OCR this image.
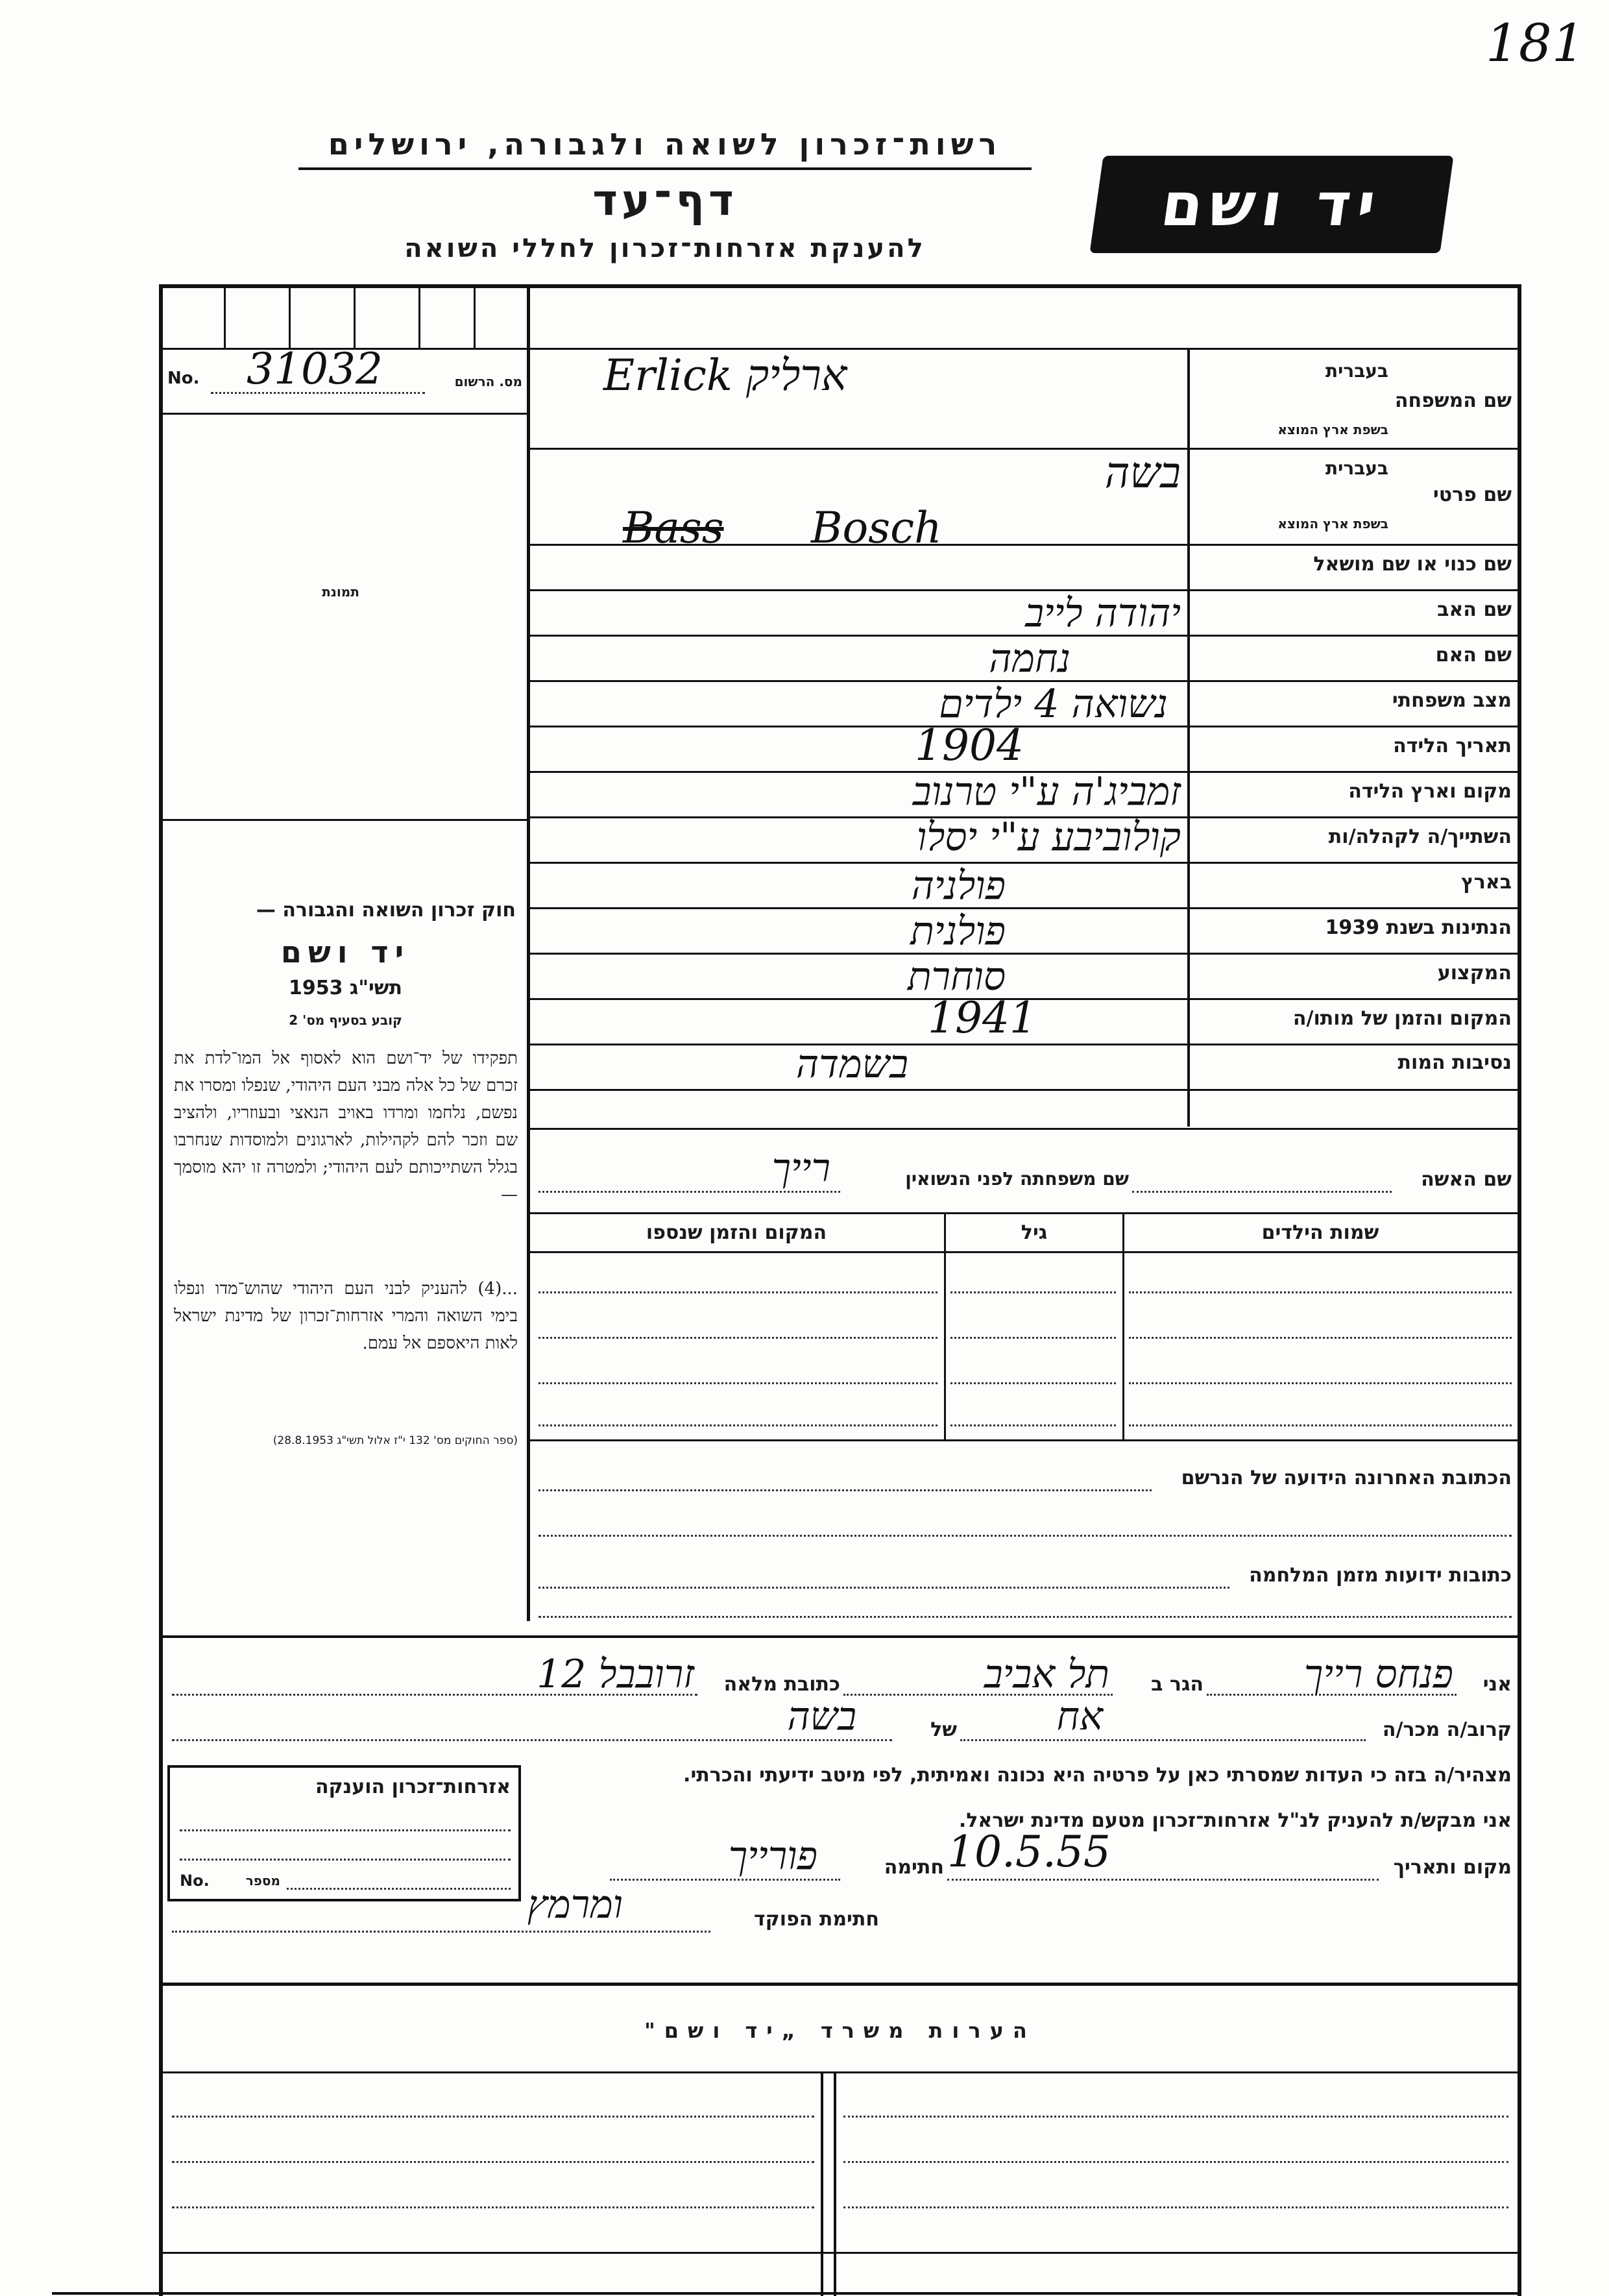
181
רשות־זכרון לשואה ולגבורה, ירושלים
דף־עד
להענקת אזרחות־זכרון לחללי השואה
יד ושם
No. 31032	מס. הרשום
תמונת
חוק זכרון השואה והגבורה —
יד ושם
תשי"ג 1953
קובע בסעיף מס' 2
תפקידו של יד־ושם הוא לאסוף אל המו־לדת את זכרם של כל אלה מבני העם היהודי, שנפלו ומסרו את נפשם, נלחמו ומרדו באויב הנאצי ובעוזריו, ולהציב שם וזכר להם לקהילות, לארגונים ולמוסדות שנחרבו בגלל השתייכותם לעם היהודי; ולמטרה זו יהא מוסמך —
...(4) להעניק לבני העם היהודי שהוש־מדו ונפלו בימי השואה והמרי אזרחות־זכרון של מדינת ישראל לאות היאספם אל עמם.
(ספר החוקים מס' 132 י"ז אלול תשי"ג 28.8.1953)
שם המשפחה
בעברית
בשפת ארץ המוצא
Erlick ארליק
שם פרטי
בעברית
בשפת ארץ המוצא
בשה
Bass Bosch
שם כנוי או שם מושאל
שם האב
יהודה לייב
שם האם
נחמה
מצב משפחתי
נשואה 4 ילדים
תאריך הלידה
1904
מקום וארץ הלידה
זמביג'ה ע"י טרנוב
השתייך/ה לקהלה/ות
קולוביבע ע"י יסלו
בארץ
פולניה
הנתינות בשנת 1939
פולנית
המקצוע
סוחרת
המקום והזמן של מותו/ה
1941
נסיבות המות
בשמדה
שם האשה
שם משפחתה לפני הנשואין
רייך
שמות הילדים
גיל
המקום והזמן שנספו
הכתובת האחרונה הידועה של הנרשם
כתובות ידועות מזמן המלחמה
אני
פנחס רייך
הגר ב
תל אביב
כתובת מלאה
זרובבל 12
קרוב/ה מכר/ה
אח
של
בשה
מצהיר/ה בזה כי העדות שמסרתי כאן על פרטיה היא נכונה ואמיתית, לפי מיטב ידיעתי והכרתי.
אני מבקש/ת להעניק לנ"ל אזרחות־זכרון מטעם מדינת ישראל.
מקום ותאריך
10.5.55
חתימה
פורייך
חתימת הפוקד
ומרמץ
אזרחות־זכרון הוענקה
No.	מספר
הערות משרד „יד ושם"
